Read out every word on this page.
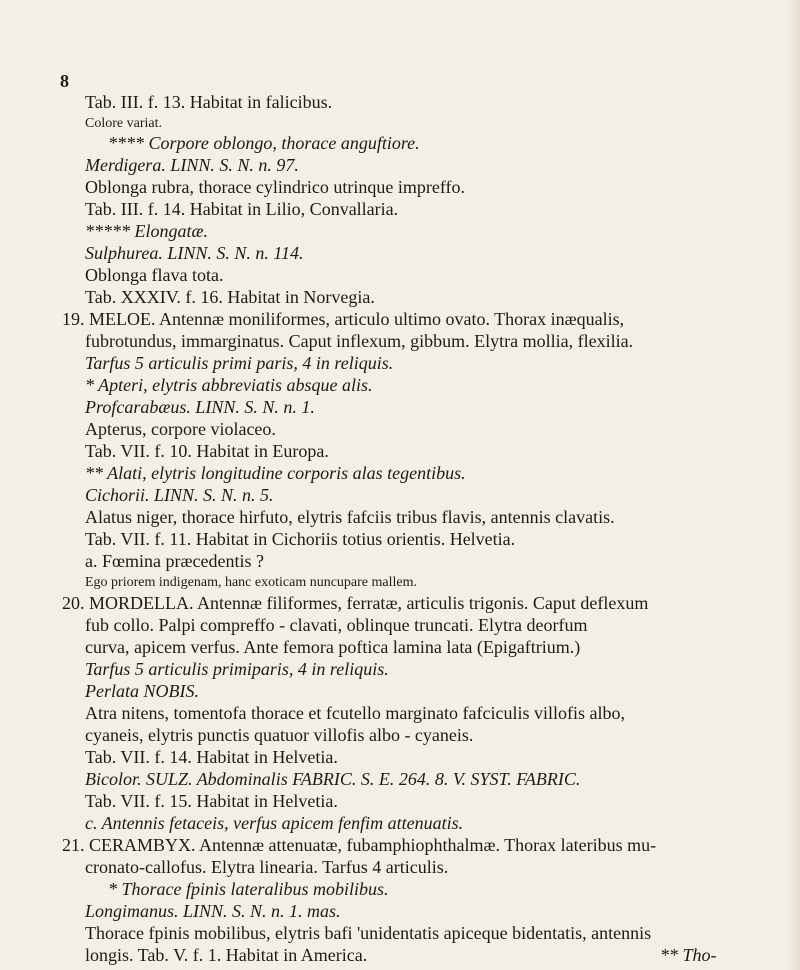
8
Tab. III. f. 13. Habitat in falicibus.
Colore variat.
**** Corpore oblongo, thorace anguftiore.
Merdigera. LINN. S. N. n. 97.
Oblonga rubra, thorace cylindrico utrinque impreffo.
Tab. III. f. 14. Habitat in Lilio, Convallaria.
***** Elongatæ.
Sulphurea. LINN. S. N. n. 114.
Oblonga flava tota.
Tab. XXXIV. f. 16. Habitat in Norvegia.
19. MELOE. Antennæ moniliformes, articulo ultimo ovato. Thorax inæqualis,
fubrotundus, immarginatus. Caput inflexum, gibbum. Elytra mollia, flexilia.
Tarfus 5 articulis primi paris, 4 in reliquis.
* Apteri, elytris abbreviatis absque alis.
Profcarabæus. LINN. S. N. n. 1.
Apterus, corpore violaceo.
Tab. VII. f. 10. Habitat in Europa.
** Alati, elytris longitudine corporis alas tegentibus.
Cichorii. LINN. S. N. n. 5.
Alatus niger, thorace hirfuto, elytris fafciis tribus flavis, antennis clavatis.
Tab. VII. f. 11. Habitat in Cichoriis totius orientis. Helvetia.
a. Fœmina præcedentis ?
Ego priorem indigenam, hanc exoticam nuncupare mallem.
20. MORDELLA. Antennæ filiformes, ferratæ, articulis trigonis. Caput deflexum
fub collo. Palpi compreffo - clavati, oblinque truncati. Elytra deorfum
curva, apicem verfus. Ante femora poftica lamina lata (Epigaftrium.)
Tarfus 5 articulis primiparis, 4 in reliquis.
Perlata NOBIS.
Atra nitens, tomentofa thorace et fcutello marginato fafciculis villofis albo,
cyaneis, elytris punctis quatuor villofis albo - cyaneis.
Tab. VII. f. 14. Habitat in Helvetia.
Bicolor. SULZ. Abdominalis FABRIC. S. E. 264. 8. V. SYST. FABRIC.
Tab. VII. f. 15. Habitat in Helvetia.
c. Antennis fetaceis, verfus apicem fenfim attenuatis.
21. CERAMBYX. Antennæ attenuatæ, fubamphiophthalmæ. Thorax lateribus mu-
cronato-callofus. Elytra linearia. Tarfus 4 articulis.
* Thorace fpinis lateralibus mobilibus.
Longimanus. LINN. S. N. n. 1. mas.
Thorace fpinis mobilibus, elytris bafi 'unidentatis apiceque bidentatis, antennis
longis. Tab. V. f. 1. Habitat in America.	** Tho-
